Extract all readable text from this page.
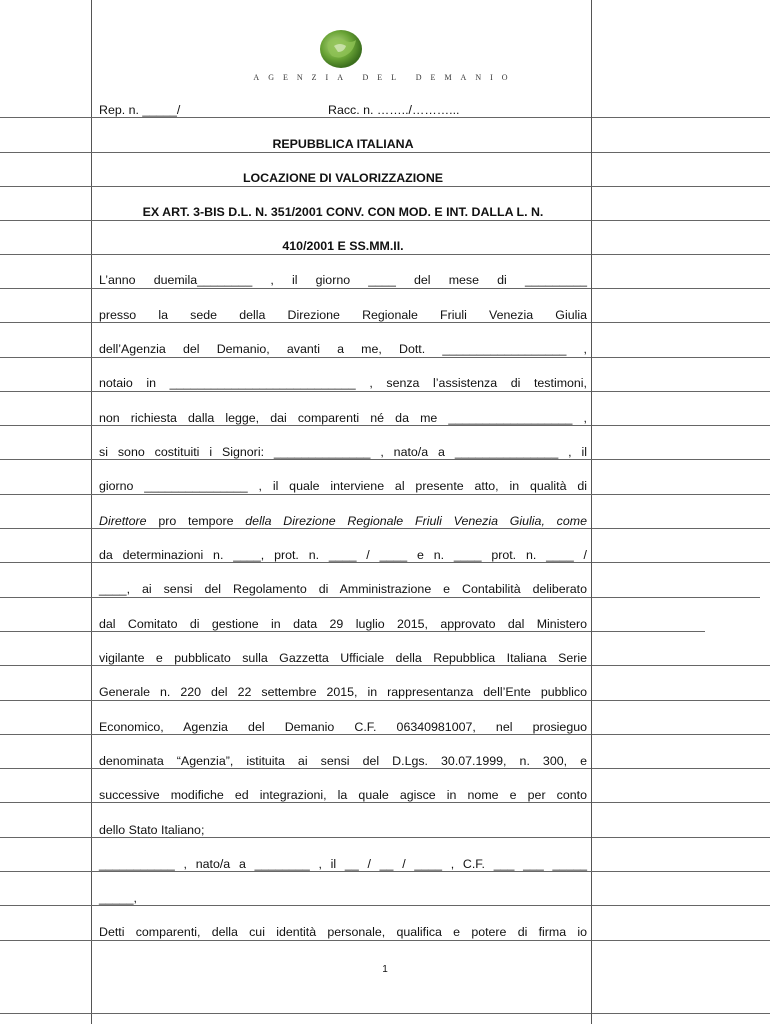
AGENZIA DEL DEMANIO
Rep. n. _____/	Racc. n. ……../………...
REPUBBLICA ITALIANA
LOCAZIONE DI VALORIZZAZIONE
EX ART. 3-BIS D.L. N. 351/2001 CONV. CON MOD. E INT. DALLA L. N.
410/2001 E SS.MM.II.
L’anno duemila________ , il giorno ____ del mese di _________
presso la sede della Direzione Regionale Friuli Venezia Giulia
dell’Agenzia del Demanio, avanti a me, Dott. __________________ ,
notaio in ___________________________ , senza l’assistenza di testimoni,
non richiesta dalla legge, dai comparenti né da me __________________ ,
si sono costituiti i Signori: ______________ , nato/a a _______________ , il
giorno _______________ , il quale interviene al presente atto, in qualità di
Direttore pro tempore della Direzione Regionale Friuli Venezia Giulia, come
da determinazioni n. ____, prot. n. ____ / ____ e n. ____ prot. n. ____ /
____, ai sensi del Regolamento di Amministrazione e Contabilità deliberato
dal Comitato di gestione in data 29 luglio 2015, approvato dal Ministero
vigilante e pubblicato sulla Gazzetta Ufficiale della Repubblica Italiana Serie
Generale n. 220 del 22 settembre 2015, in rappresentanza dell’Ente pubblico
Economico, Agenzia del Demanio C.F. 06340981007, nel prosieguo
denominata “Agenzia”, istituita ai sensi del D.Lgs. 30.07.1999, n. 300, e
successive modifiche ed integrazioni, la quale agisce in nome e per conto
dello Stato Italiano;
___________ , nato/a a ________ , il __ / __ / ____ , C.F. ___ ___ _____
_____,
Detti comparenti, della cui identità personale, qualifica e potere di firma io
1
